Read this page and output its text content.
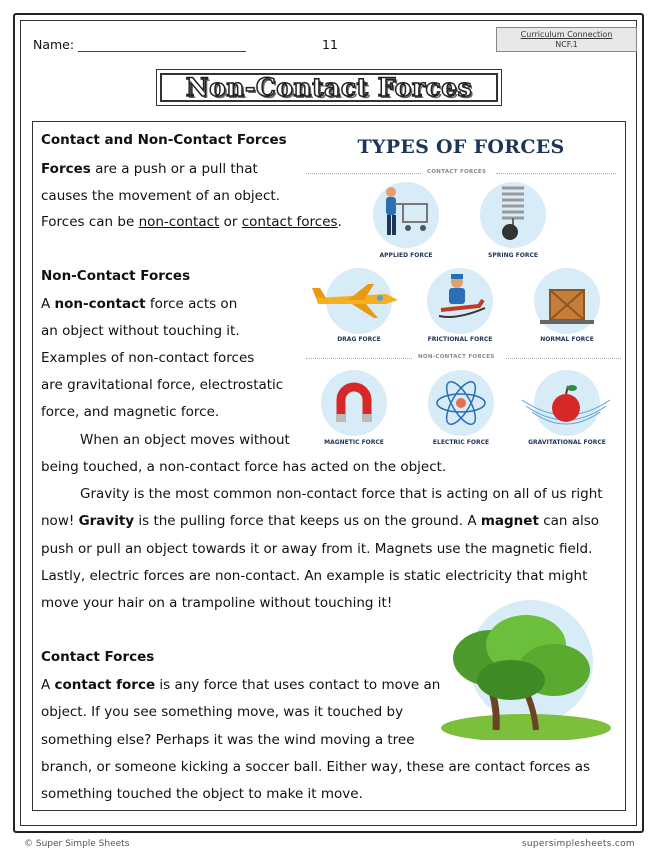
Name:	11
Curriculum Connection
NCF.1
Non-Contact Forces
Contact and Non-Contact Forces
Forces are a push or a pull that
causes the movement of an object.
Forces can be non-contact or contact forces.
Non-Contact Forces
A non-contact force acts on
an object without touching it.
Examples of non-contact forces
are gravitational force, electrostatic
force, and magnetic force.
When an object moves without
being touched, a non-contact force has acted on the object.
Gravity is the most common non-contact force that is acting on all of us right
now! Gravity is the pulling force that keeps us on the ground. A magnet can also
push or pull an object towards it or away from it. Magnets use the magnetic field.
Lastly, electric forces are non-contact. An example is static electricity that might
move your hair on a trampoline without touching it!
Contact Forces
A contact force is any force that uses contact to move an
object. If you see something move, was it touched by
something else? Perhaps it was the wind moving a tree
branch, or someone kicking a soccer ball. Either way, these are contact forces as
something touched the object to make it move.
TYPES OF FORCES
CONTACT FORCES
APPLIED FORCE	SPRING FORCE
DRAG FORCE	FRICTIONAL FORCE	NORMAL FORCE
NON-CONTACT FORCES
MAGNETIC FORCE	ELECTRIC FORCE	GRAVITATIONAL FORCE
© Super Simple Sheets	supersimplesheets.com
